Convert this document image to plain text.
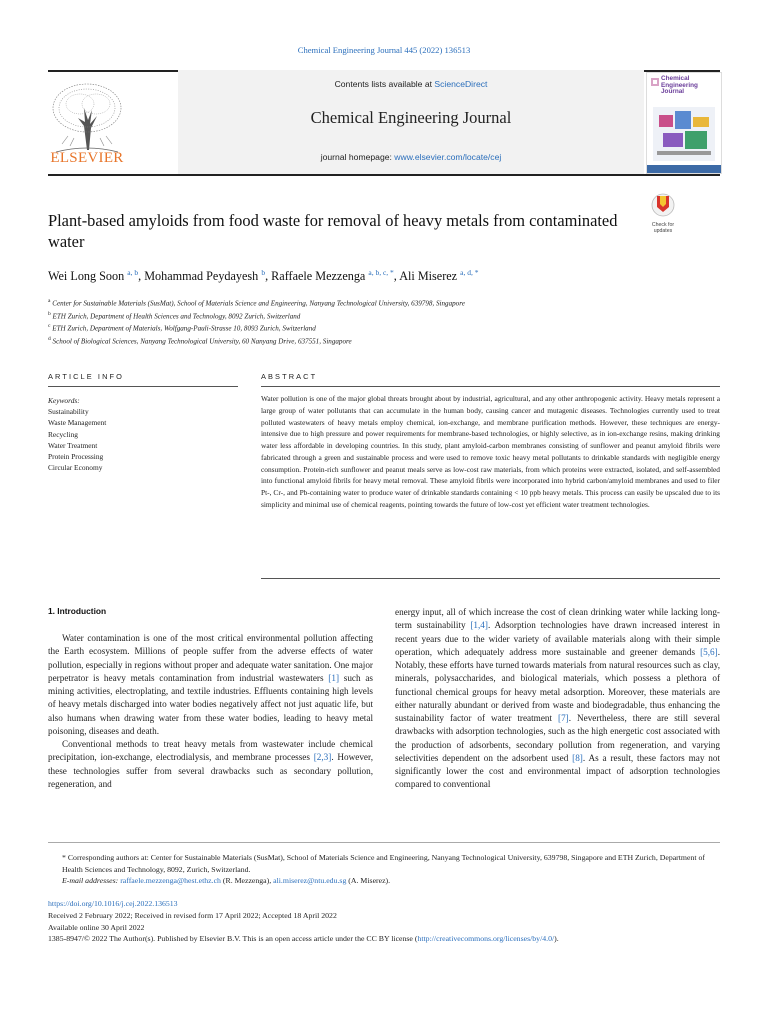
Chemical Engineering Journal 445 (2022) 136513
ELSEVIER
Contents lists available at ScienceDirect
Chemical Engineering Journal
journal homepage: www.elsevier.com/locate/cej
Chemical
Engineering
Journal
Plant-based amyloids from food waste for removal of heavy metals from contaminated water
Check for
updates
Wei Long Soon $^{a, b}$, Mohammad Peydayesh $^b$, Raffaele Mezzenga $^{a, b, c, *}$, Ali Miserez $^{a, d, *}$
$^a$ Center for Sustainable Materials (SusMat), School of Materials Science and Engineering, Nanyang Technological University, 639798, Singapore
$^b$ ETH Zurich, Department of Health Sciences and Technology, 8092 Zurich, Switzerland
$^c$ ETH Zurich, Department of Materials, Wolfgang-Pauli-Strasse 10, 8093 Zurich, Switzerland
$^d$ School of Biological Sciences, Nanyang Technological University, 60 Nanyang Drive, 637551, Singapore
ARTICLE INFO
Keywords:
Sustainability
Waste Management
Recycling
Water Treatment
Protein Processing
Circular Economy
ABSTRACT
Water pollution is one of the major global threats brought about by industrial, agricultural, and any other anthropogenic activity. Heavy metals represent a large group of water pollutants that can accumulate in the human body, causing cancer and mutagenic diseases. Technologies currently used to treat polluted wastewaters of heavy metals employ chemical, ion-exchange, and membrane purification methods. However, these techniques are energy-intensive due to high pressure and power requirements for membrane-based technologies, or highly selective, as in ion-exchange resins, making drinking water less affordable in developing countries. In this study, plant amyloid-carbon membranes consisting of sunflower and peanut amyloid fibrils were fabricated through a green and sustainable process and were used to remove toxic heavy metal pollutants to drinkable standards with negligible energy consumption. Protein-rich sunflower and peanut meals serve as low-cost raw materials, from which proteins were extracted, isolated, and self-assembled into functional amyloid fibrils for heavy metal removal. These amyloid fibrils were incorporated into hybrid carbon/amyloid membranes and used to filer Pt-, Cr-, and Pb-containing water to produce water of drinkable standards containing < 10 ppb heavy metals. This process can easily be upscaled due to its simplicity and minimal use of chemical reagents, pointing towards the future of low-cost yet efficient water treatment technologies.
1. Introduction

Water contamination is one of the most critical environmental pollution affecting the Earth ecosystem. Millions of people suffer from the adverse effects of water pollution, especially in regions without proper and adequate water sanitation. One major perpetrator is heavy metals contamination from industrial wastewaters [1] such as mining activities, electroplating, and textile industries. Effluents containing high levels of heavy metals discharged into water bodies negatively affect not just aquatic life, but also humans when drawing water from these water bodies, leading to heavy metal poisoning, diseases and death.

Conventional methods to treat heavy metals from wastewater include chemical precipitation, ion-exchange, electrodialysis, and membrane processes [2,3]. However, these technologies suffer from several drawbacks such as secondary pollution, regeneration, and

energy input, all of which increase the cost of clean drinking water while lacking long-term sustainability [1,4]. Adsorption technologies have drawn increased interest in recent years due to the wider variety of available materials along with their simple operation, which adequately address more sustainable and greener demands [5,6]. Notably, these efforts have turned towards materials from natural resources such as clay, minerals, polysaccharides, and biological materials, which possess a plethora of functional chemical groups for heavy metal adsorption. Moreover, these materials are either naturally abundant or derived from waste and biodegradable, thus enhancing the sustainability factor of water treatment [7]. Nevertheless, there are still several drawbacks with adsorption technologies, such as the high energetic cost associated with the production of adsorbents, secondary pollution from regeneration, and varying selectivities dependent on the adsorbent used [8]. As a result, these factors may not significantly lower the cost and environmental impact of adsorption technologies compared to conventional

* Corresponding authors at: Center for Sustainable Materials (SusMat), School of Materials Science and Engineering, Nanyang Technological University, 639798, Singapore and ETH Zurich, Department of Health Sciences and Technology, 8092, Zurich, Switzerland.
E-mail addresses: raffaele.mezzenga@hest.ethz.ch (R. Mezzenga), ali.miserez@ntu.edu.sg (A. Miserez).
https://doi.org/10.1016/j.cej.2022.136513
Received 2 February 2022; Received in revised form 17 April 2022; Accepted 18 April 2022
Available online 30 April 2022
1385-8947/© 2022 The Author(s). Published by Elsevier B.V. This is an open access article under the CC BY license (http://creativecommons.org/licenses/by/4.0/).
